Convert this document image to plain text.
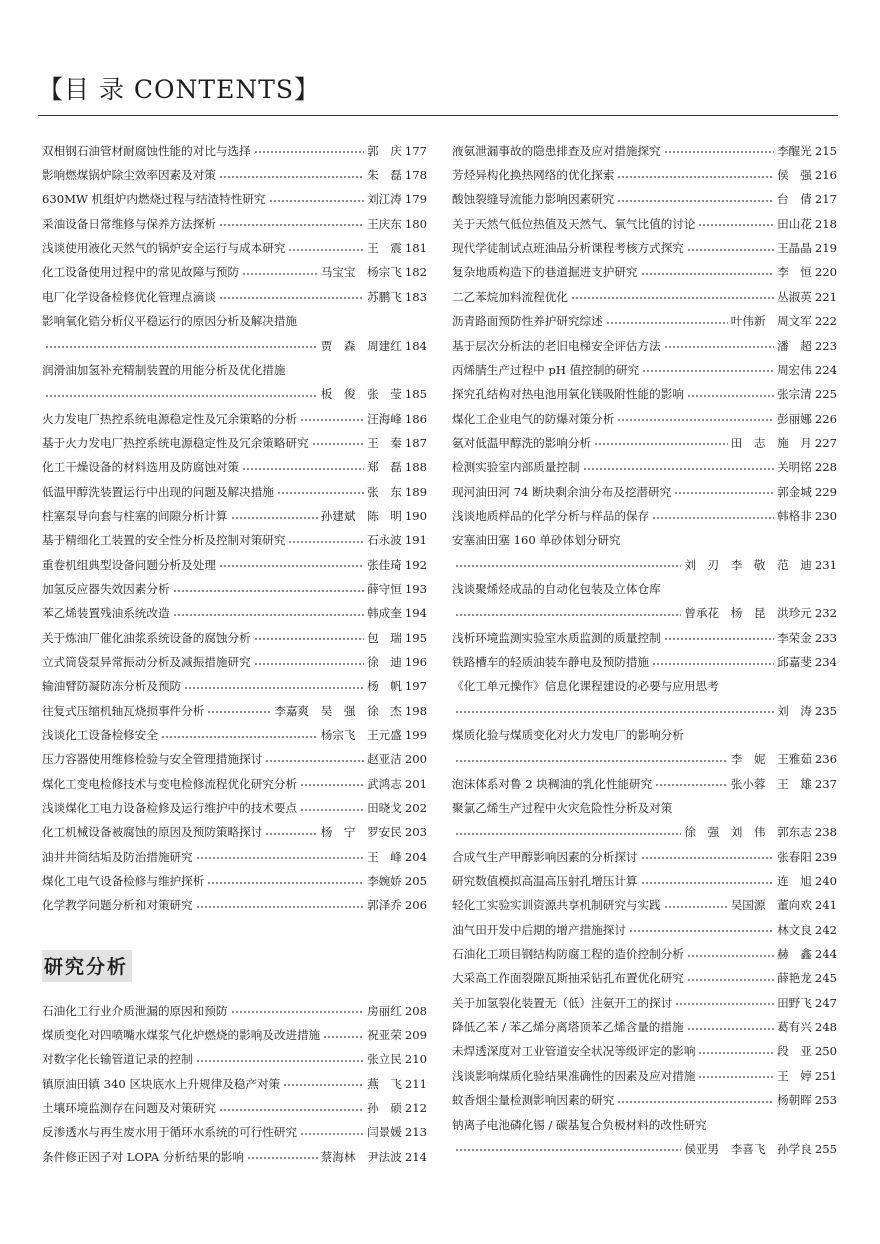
【目 录 CONTENTS】
双相钢石油管材耐腐蚀性能的对比与选择	郭　庆 177
影响燃煤锅炉除尘效率因素及对策	朱　磊 178
630MW 机组炉内燃烧过程与结渣特性研究	刘江涛 179
采油设备日常维修与保养方法探析	王庆东 180
浅谈使用液化天然气的锅炉安全运行与成本研究	王　震 181
化工设备使用过程中的常见故障与预防	马宝宝　杨宗飞 182
电厂化学设备检修优化管理点滴谈	苏鹏飞 183
影响氧化锆分析仪平稳运行的原因分析及解决措施
贾　森　周建红 184
润滑油加氢补充精制装置的用能分析及优化措施
板　俊　张　莹 185
火力发电厂热控系统电源稳定性及冗余策略的分析	汪海峰 186
基于火力发电厂热控系统电源稳定性及冗余策略研究	王　秦 187
化工干燥设备的材料选用及防腐蚀对策	郑　磊 188
低温甲醇洗装置运行中出现的问题及解决措施	张　东 189
柱塞泵导向套与柱塞的间隙分析计算	孙建斌　陈　明 190
基于精细化工装置的安全性分析及控制对策研究	石永波 191
重卷机组典型设备问题分析及处理	张佳琦 192
加氢反应器失效因素分析	薛守恒 193
苯乙烯装置残油系统改造	韩成奎 194
关于炼油厂催化油浆系统设备的腐蚀分析	包　瑞 195
立式筒袋泵异常振动分析及减振措施研究	徐　迪 196
输油臂防凝防冻分析及预防	杨　帆 197
往复式压缩机轴瓦烧损事件分析	李嘉爽　吴　强　徐　杰 198
浅谈化工设备检修安全	杨宗飞　王元盛 199
压力容器使用维修检验与安全管理措施探讨	赵亚洁 200
煤化工变电检修技术与变电检修流程优化研究分析	武鸿志 201
浅谈煤化工电力设备检修及运行维护中的技术要点	田晓戈 202
化工机械设备被腐蚀的原因及预防策略探讨	杨　宁　罗安民 203
油井井筒结垢及防治措施研究	王　峰 204
煤化工电气设备检修与维护探析	李婉娇 205
化学教学问题分析和对策研究	郭泽乔 206
研究分析
石油化工行业介质泄漏的原因和预防	房丽红 208
煤质变化对四喷嘴水煤浆气化炉燃烧的影响及改进措施	祝亚荣 209
对数字化长输管道记录的控制	张立民 210
镇原油田镇 340 区块底水上升规律及稳产对策	燕　飞 211
土壤环境监测存在问题及对策研究	孙　硕 212
反渗透水与再生废水用于循环水系统的可行性研究	闫景媛 213
条件修正因子对 LOPA 分析结果的影响	蔡海林　尹法波 214
液氨泄漏事故的隐患排查及应对措施探究	李醒光 215
芳烃异构化换热网络的优化探索	侯　强 216
酸蚀裂缝导流能力影响因素研究	台　倩 217
关于天然气低位热值及天然气、氧气比值的讨论	田山花 218
现代学徒制试点班油品分析课程考核方式探究	王晶晶 219
复杂地质构造下的巷道掘进支护研究	李　恒 220
二乙苯烷加料流程优化	丛淑英 221
沥青路面预防性养护研究综述	叶伟新　周文军 222
基于层次分析法的老旧电梯安全评估方法	潘　超 223
丙烯腈生产过程中 pH 值控制的研究	周宏伟 224
探究孔结构对热电池用氧化镁吸附性能的影响	张宗清 225
煤化工企业电气的防爆对策分析	彭丽娜 226
氨对低温甲醇洗的影响分析	田　志　施　月 227
检测实验室内部质量控制	关明铭 228
现河油田河 74 断块剩余油分布及挖潜研究	郭金城 229
浅谈地质样品的化学分析与样品的保存	韩格非 230
安塞油田塞 160 单砂体划分研究
刘　刃　李　敬　范　迪 231
浅谈聚烯烃成品的自动化包装及立体仓库
曾承花　杨　昆　洪珍元 232
浅析环境监测实验室水质监测的质量控制	李荣金 233
铁路槽车的轻质油装车静电及预防措施	邱嘉斐 234
《化工单元操作》信息化课程建设的必要与应用思考
刘　涛 235
煤质化验与煤质变化对火力发电厂的影响分析
李　妮　王雅茹 236
泡沫体系对鲁 2 块稠油的乳化性能研究	张小蓉　王　雄 237
聚氯乙烯生产过程中火灾危险性分析及对策
徐　强　刘　伟　郭东志 238
合成气生产甲醇影响因素的分析探讨	张春阳 239
研究数值模拟高温高压射孔增压计算	连　旭 240
轻化工实验实训资源共享机制研究与实践	吴国源　董向欢 241
油气田开发中后期的增产措施探讨	林文良 242
石油化工项目钢结构防腐工程的造价控制分析	赫　鑫 244
大采高工作面裂隙瓦斯抽采钻孔布置优化研究	薛艳龙 245
关于加氢裂化装置无（低）注氨开工的探讨	田野飞 247
降低乙苯 / 苯乙烯分离塔顶苯乙烯含量的措施	葛有兴 248
未焊透深度对工业管道安全状况等级评定的影响	段　亚 250
浅谈影响煤质化验结果准确性的因素及应对措施	王　婷 251
蚊香烟尘量检测影响因素的研究	杨朝晖 253
钠离子电池磷化锡 / 碳基复合负极材料的改性研究
侯亚男　李喜飞　孙学良 255
